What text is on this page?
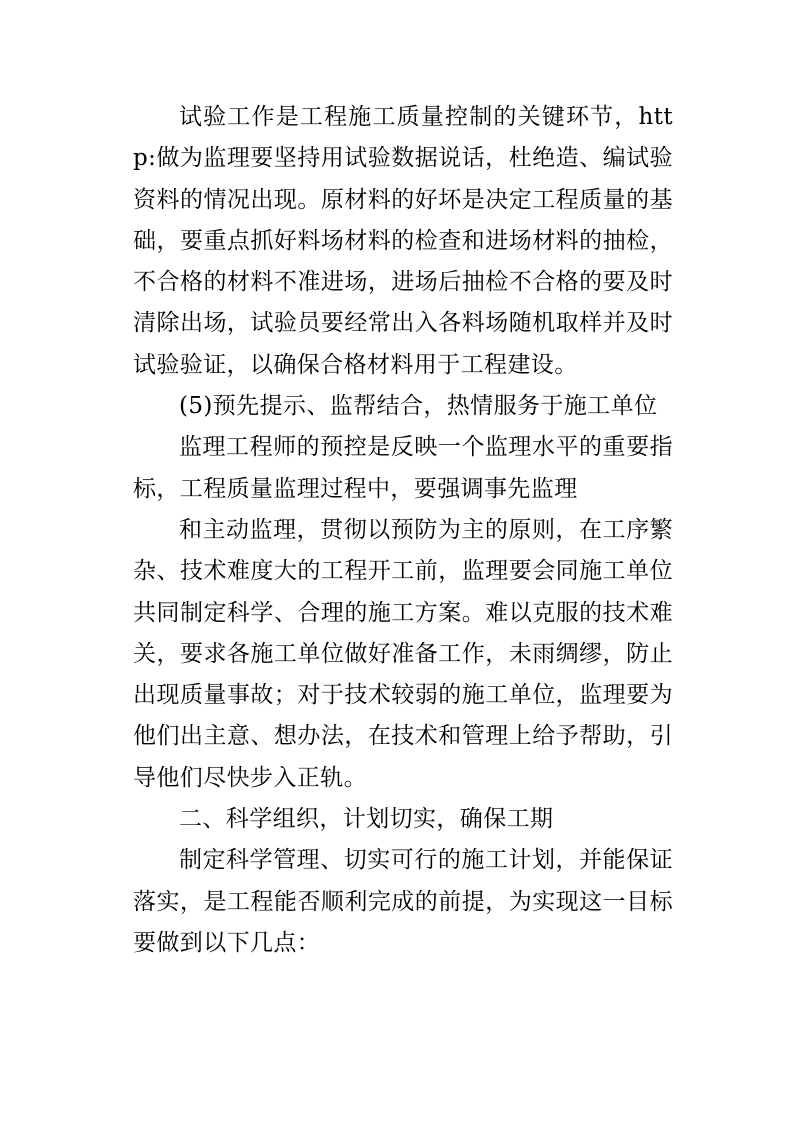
试验工作是工程施工质量控制的关键环节，http:做为监理要坚持用试验数据说话，杜绝造、编试验资料的情况出现。原材料的好坏是决定工程质量的基础，要重点抓好料场材料的检查和进场材料的抽检，不合格的材料不准进场，进场后抽检不合格的要及时清除出场，试验员要经常出入各料场随机取样并及时试验验证，以确保合格材料用于工程建设。

(5)预先提示、监帮结合，热情服务于施工单位

监理工程师的预控是反映一个监理水平的重要指标，工程质量监理过程中，要强调事先监理

和主动监理，贯彻以预防为主的原则，在工序繁杂、技术难度大的工程开工前，监理要会同施工单位共同制定科学、合理的施工方案。难以克服的技术难关，要求各施工单位做好准备工作，未雨绸缪，防止出现质量事故；对于技术较弱的施工单位，监理要为他们出主意、想办法，在技术和管理上给予帮助，引导他们尽快步入正轨。

二、科学组织，计划切实，确保工期

制定科学管理、切实可行的施工计划，并能保证落实，是工程能否顺利完成的前提，为实现这一目标要做到以下几点：
